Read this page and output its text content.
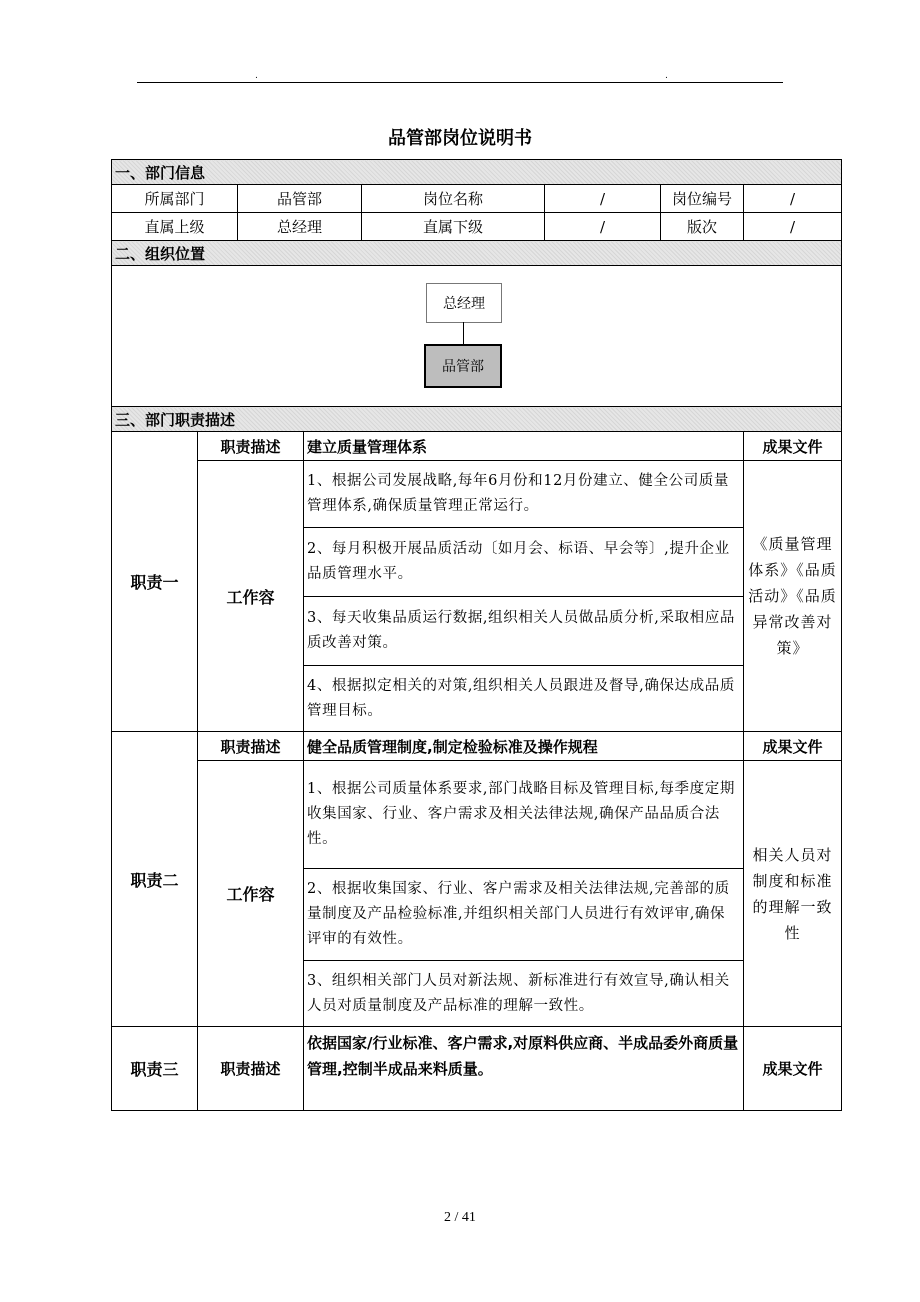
.	.
品管部岗位说明书
一、部门信息							
所属部门		品管部		岗位名称	/	岗位编号	/
直属上级		总经理		直属下级	/	版次	/
二、组织位置							

总经理
品管部							

三、部门职责描述							
职责一	职责描述		建立质量管理体系				成果文件
	工作容		1、根据公司发展战略,每年6月份和12月份建立、健全公司质量管理体系,确保质量管理正常运行。				《质量管理体系》《品质活动》《品质异常改善对策》
			2、每月积极开展品质活动〔如月会、标语、早会等〕,提升企业品质管理水平。				
			3、每天收集品质运行数据,组织相关人员做品质分析,采取相应品质改善对策。				
			4、根据拟定相关的对策,组织相关人员跟进及督导,确保达成品质管理目标。				
职责二	职责描述		健全品质管理制度,制定检验标准及操作规程				成果文件
	工作容		1、根据公司质量体系要求,部门战略目标及管理目标,每季度定期收集国家、行业、客户需求及相关法律法规,确保产品品质合法性。				相关人员对制度和标准的理解一致性
			2、根据收集国家、行业、客户需求及相关法律法规,完善部的质量制度及产品检验标准,并组织相关部门人员进行有效评审,确保评审的有效性。				
			3、组织相关部门人员对新法规、新标准进行有效宣导,确认相关人员对质量制度及产品标准的理解一致性。				
职责三	职责描述		依据国家/行业标准、客户需求,对原料供应商、半成品委外商质量管理,控制半成品来料质量。				成果文件
2 / 41
